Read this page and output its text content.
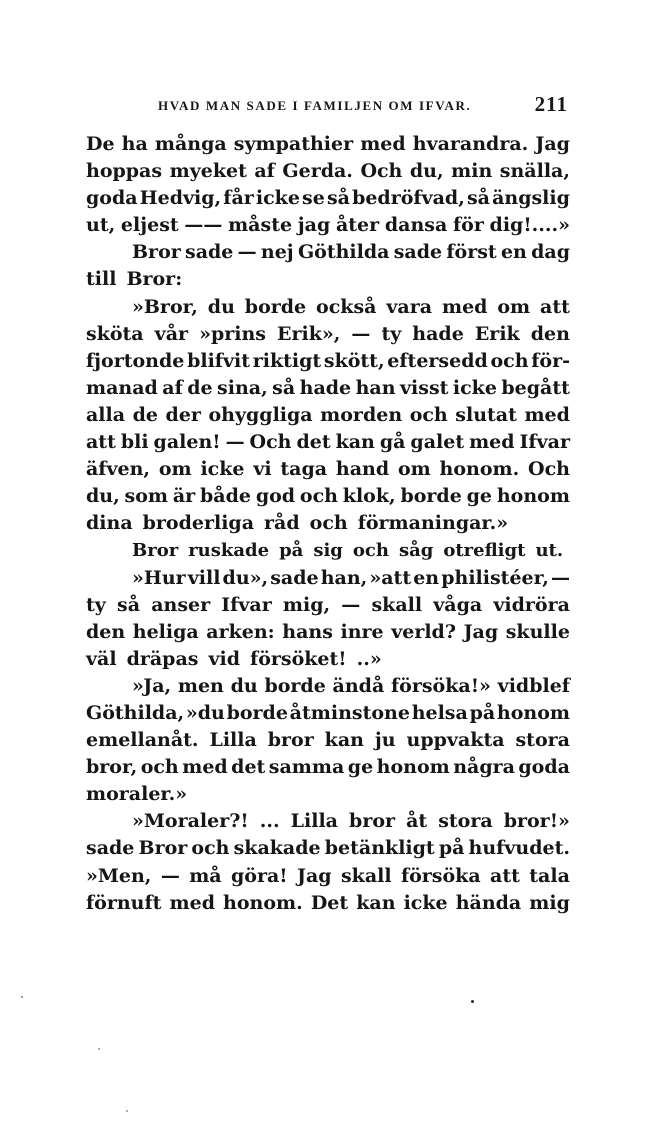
HVAD MAN SADE I FAMILJEN OM IFVAR.	211
De ha många sympathier med hvarandra. Jag
hoppas myeket af Gerda. Och du, min snälla,
goda Hedvig, får icke se så bedröfvad, så ängslig
ut, eljest —— måste jag åter dansa för dig!....»
Bror sade — nej Göthilda sade först en dag
till Bror:
»Bror, du borde också vara med om att
sköta vår »prins Erik», — ty hade Erik den
fjortonde blifvit riktigt skött, eftersedd och för-
manad af de sina, så hade han visst icke begått
alla de der ohyggliga morden och slutat med
att bli galen! — Och det kan gå galet med Ifvar
äfven, om icke vi taga hand om honom. Och
du, som är både god och klok, borde ge honom
dina broderliga råd och förmaningar.»
Bror ruskade på sig och såg otrefligt ut.
»Hur vill du», sade han, »att en philistéer, —
ty så anser Ifvar mig, — skall våga vidröra
den heliga arken: hans inre verld? Jag skulle
väl dräpas vid försöket! ..»
»Ja, men du borde ändå försöka!» vidblef
Göthilda, »du borde åtminstone helsa på honom
emellanåt. Lilla bror kan ju uppvakta stora
bror, och med det samma ge honom några goda
moraler.»
»Moraler?! ... Lilla bror åt stora bror!»
sade Bror och skakade betänkligt på hufvudet.
»Men, — må göra! Jag skall försöka att tala
förnuft med honom. Det kan icke hända mig
